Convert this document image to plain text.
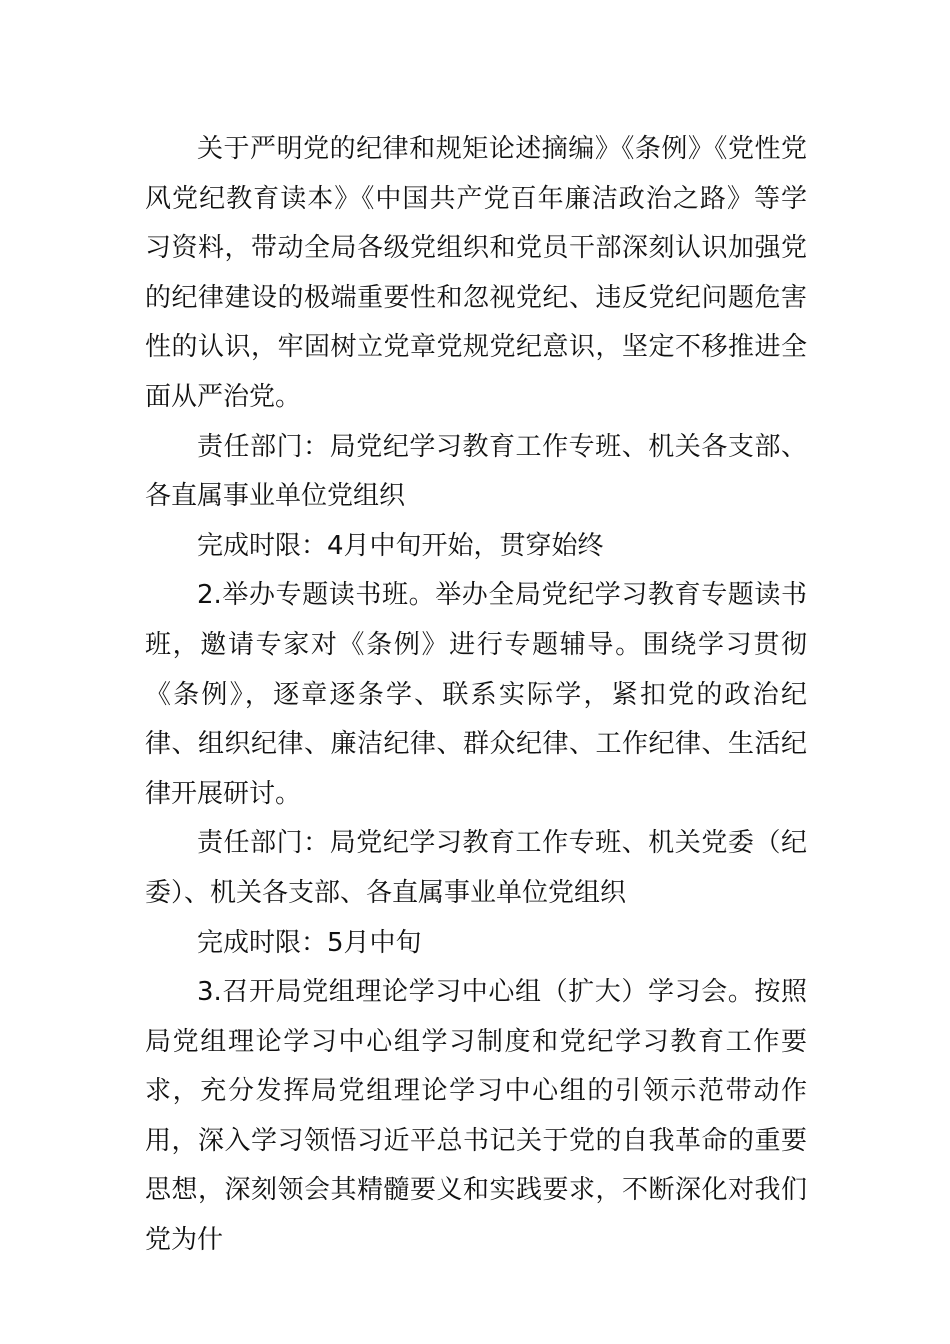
关于严明党的纪律和规矩论述摘编》《条例》《党性党风党纪教育读本》《中国共产党百年廉洁政治之路》等学习资料，带动全局各级党组织和党员干部深刻认识加强党的纪律建设的极端重要性和忽视党纪、违反党纪问题危害性的认识，牢固树立党章党规党纪意识，坚定不移推进全面从严治党。

责任部门：局党纪学习教育工作专班、机关各支部、各直属事业单位党组织

完成时限：4月中旬开始，贯穿始终

2.举办专题读书班。举办全局党纪学习教育专题读书班，邀请专家对《条例》进行专题辅导。围绕学习贯彻《条例》，逐章逐条学、联系实际学，紧扣党的政治纪律、组织纪律、廉洁纪律、群众纪律、工作纪律、生活纪律开展研讨。

责任部门：局党纪学习教育工作专班、机关党委（纪委）、机关各支部、各直属事业单位党组织

完成时限：5月中旬

3.召开局党组理论学习中心组（扩大）学习会。按照局党组理论学习中心组学习制度和党纪学习教育工作要求，充分发挥局党组理论学习中心组的引领示范带动作用，深入学习领悟习近平总书记关于党的自我革命的重要思想，深刻领会其精髓要义和实践要求，不断深化对我们党为什
